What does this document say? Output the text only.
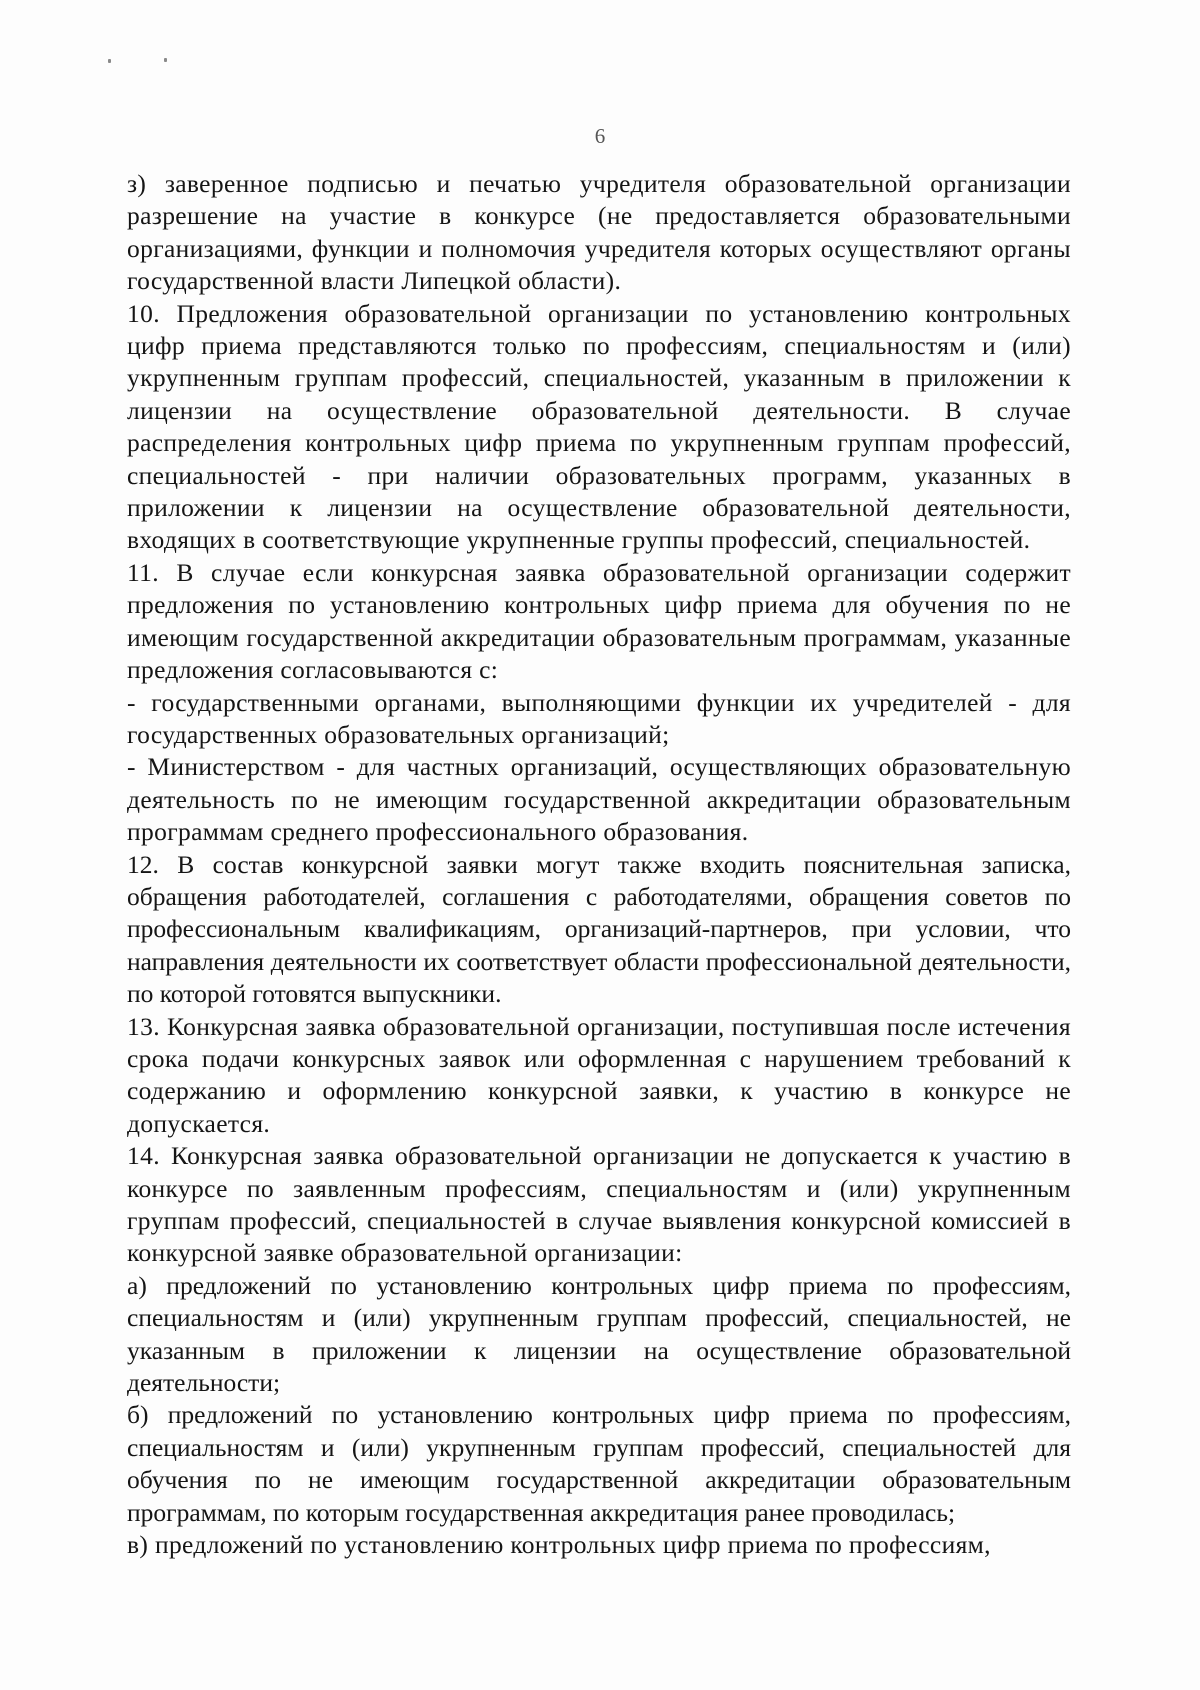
6

з) заверенное подписью и печатью учредителя образовательной организации разрешение на участие в конкурсе (не предоставляется образовательными организациями, функции и полномочия учредителя которых осуществляют органы государственной власти Липецкой области).

10. Предложения образовательной организации по установлению контрольных цифр приема представляются только по профессиям, специальностям и (или) укрупненным группам профессий, специальностей, указанным в приложении к лицензии на осуществление образовательной деятельности. В случае распределения контрольных цифр приема по укрупненным группам профессий, специальностей - при наличии образовательных программ, указанных в приложении к лицензии на осуществление образовательной деятельности, входящих в соответствующие укрупненные группы профессий, специальностей.

11. В случае если конкурсная заявка образовательной организации содержит предложения по установлению контрольных цифр приема для обучения по не имеющим государственной аккредитации образовательным программам, указанные предложения согласовываются с:

- государственными органами, выполняющими функции их учредителей - для государственных образовательных организаций;

- Министерством - для частных организаций, осуществляющих образовательную деятельность по не имеющим государственной аккредитации образовательным программам среднего профессионального образования.

12. В состав конкурсной заявки могут также входить пояснительная записка, обращения работодателей, соглашения с работодателями, обращения советов по профессиональным квалификациям, организаций-партнеров, при условии, что направления деятельности их соответствует области профессиональной деятельности, по которой готовятся выпускники.

13. Конкурсная заявка образовательной организации, поступившая после истечения срока подачи конкурсных заявок или оформленная с нарушением требований к содержанию и оформлению конкурсной заявки, к участию в конкурсе не допускается.

14. Конкурсная заявка образовательной организации не допускается к участию в конкурсе по заявленным профессиям, специальностям и (или) укрупненным группам профессий, специальностей в случае выявления конкурсной комиссией в конкурсной заявке образовательной организации:

а) предложений по установлению контрольных цифр приема по профессиям, специальностям и (или) укрупненным группам профессий, специальностей, не указанным в приложении к лицензии на осуществление образовательной деятельности;

б) предложений по установлению контрольных цифр приема по профессиям, специальностям и (или) укрупненным группам профессий, специальностей для обучения по не имеющим государственной аккредитации образовательным программам, по которым государственная аккредитация ранее проводилась;

в) предложений по установлению контрольных цифр приема по профессиям,
